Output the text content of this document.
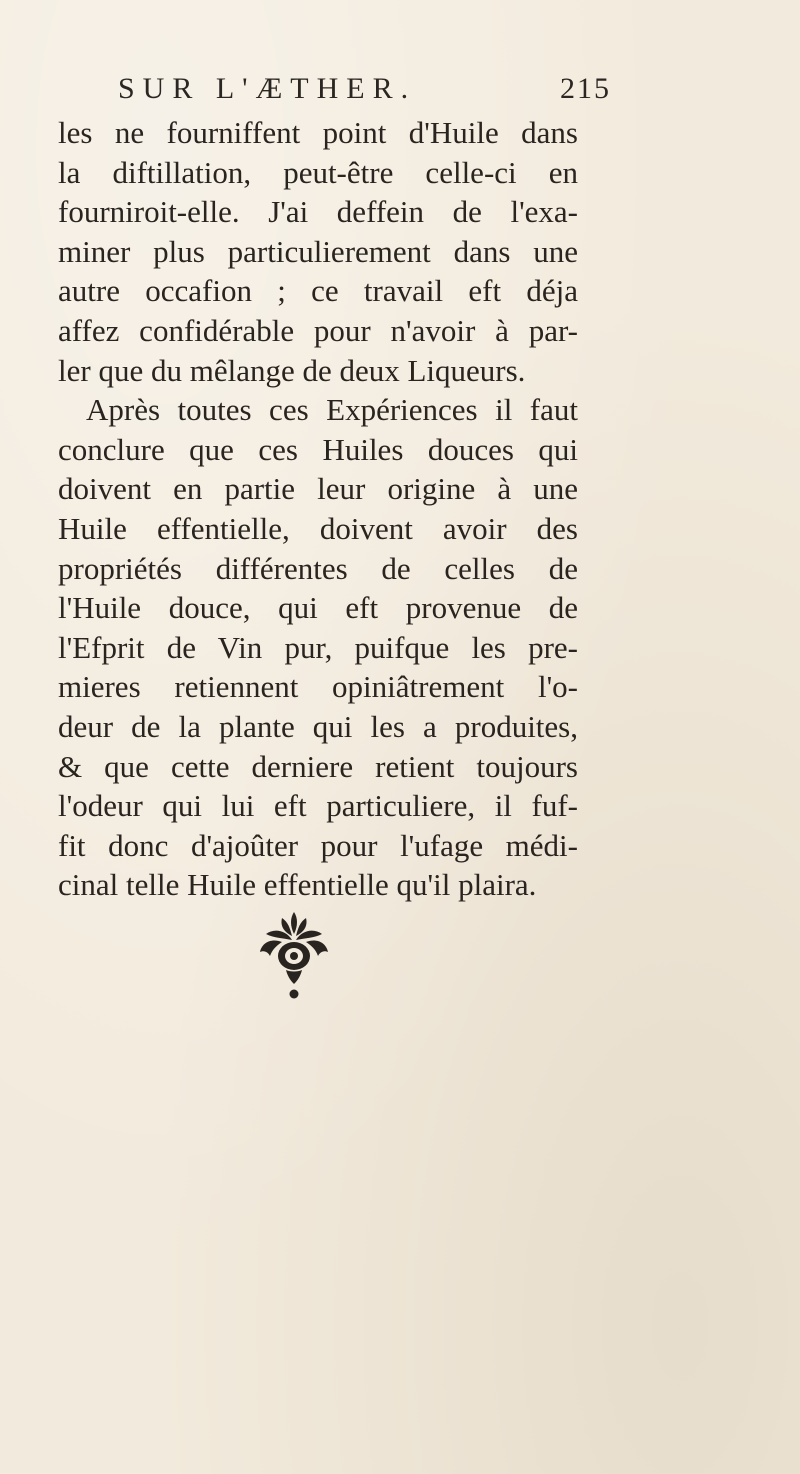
SUR L'ÆTHER.	215
les ne fourniffent point d'Huile dans
la diftillation, peut-être celle-ci en
fourniroit-elle. J'ai deffein de l'exa-
miner plus particulierement dans une
autre occafion ; ce travail eft déja
affez confidérable pour n'avoir à par-
ler que du mêlange de deux Liqueurs.
Après toutes ces Expériences il faut
conclure que ces Huiles douces qui
doivent en partie leur origine à une
Huile effentielle, doivent avoir des
propriétés différentes de celles de
l'Huile douce, qui eft provenue de
l'Efprit de Vin pur, puifque les pre-
mieres retiennent opiniâtrement l'o-
deur de la plante qui les a produites,
& que cette derniere retient toujours
l'odeur qui lui eft particuliere, il fuf-
fit donc d'ajoûter pour l'ufage médi-
cinal telle Huile effentielle qu'il plaira.
